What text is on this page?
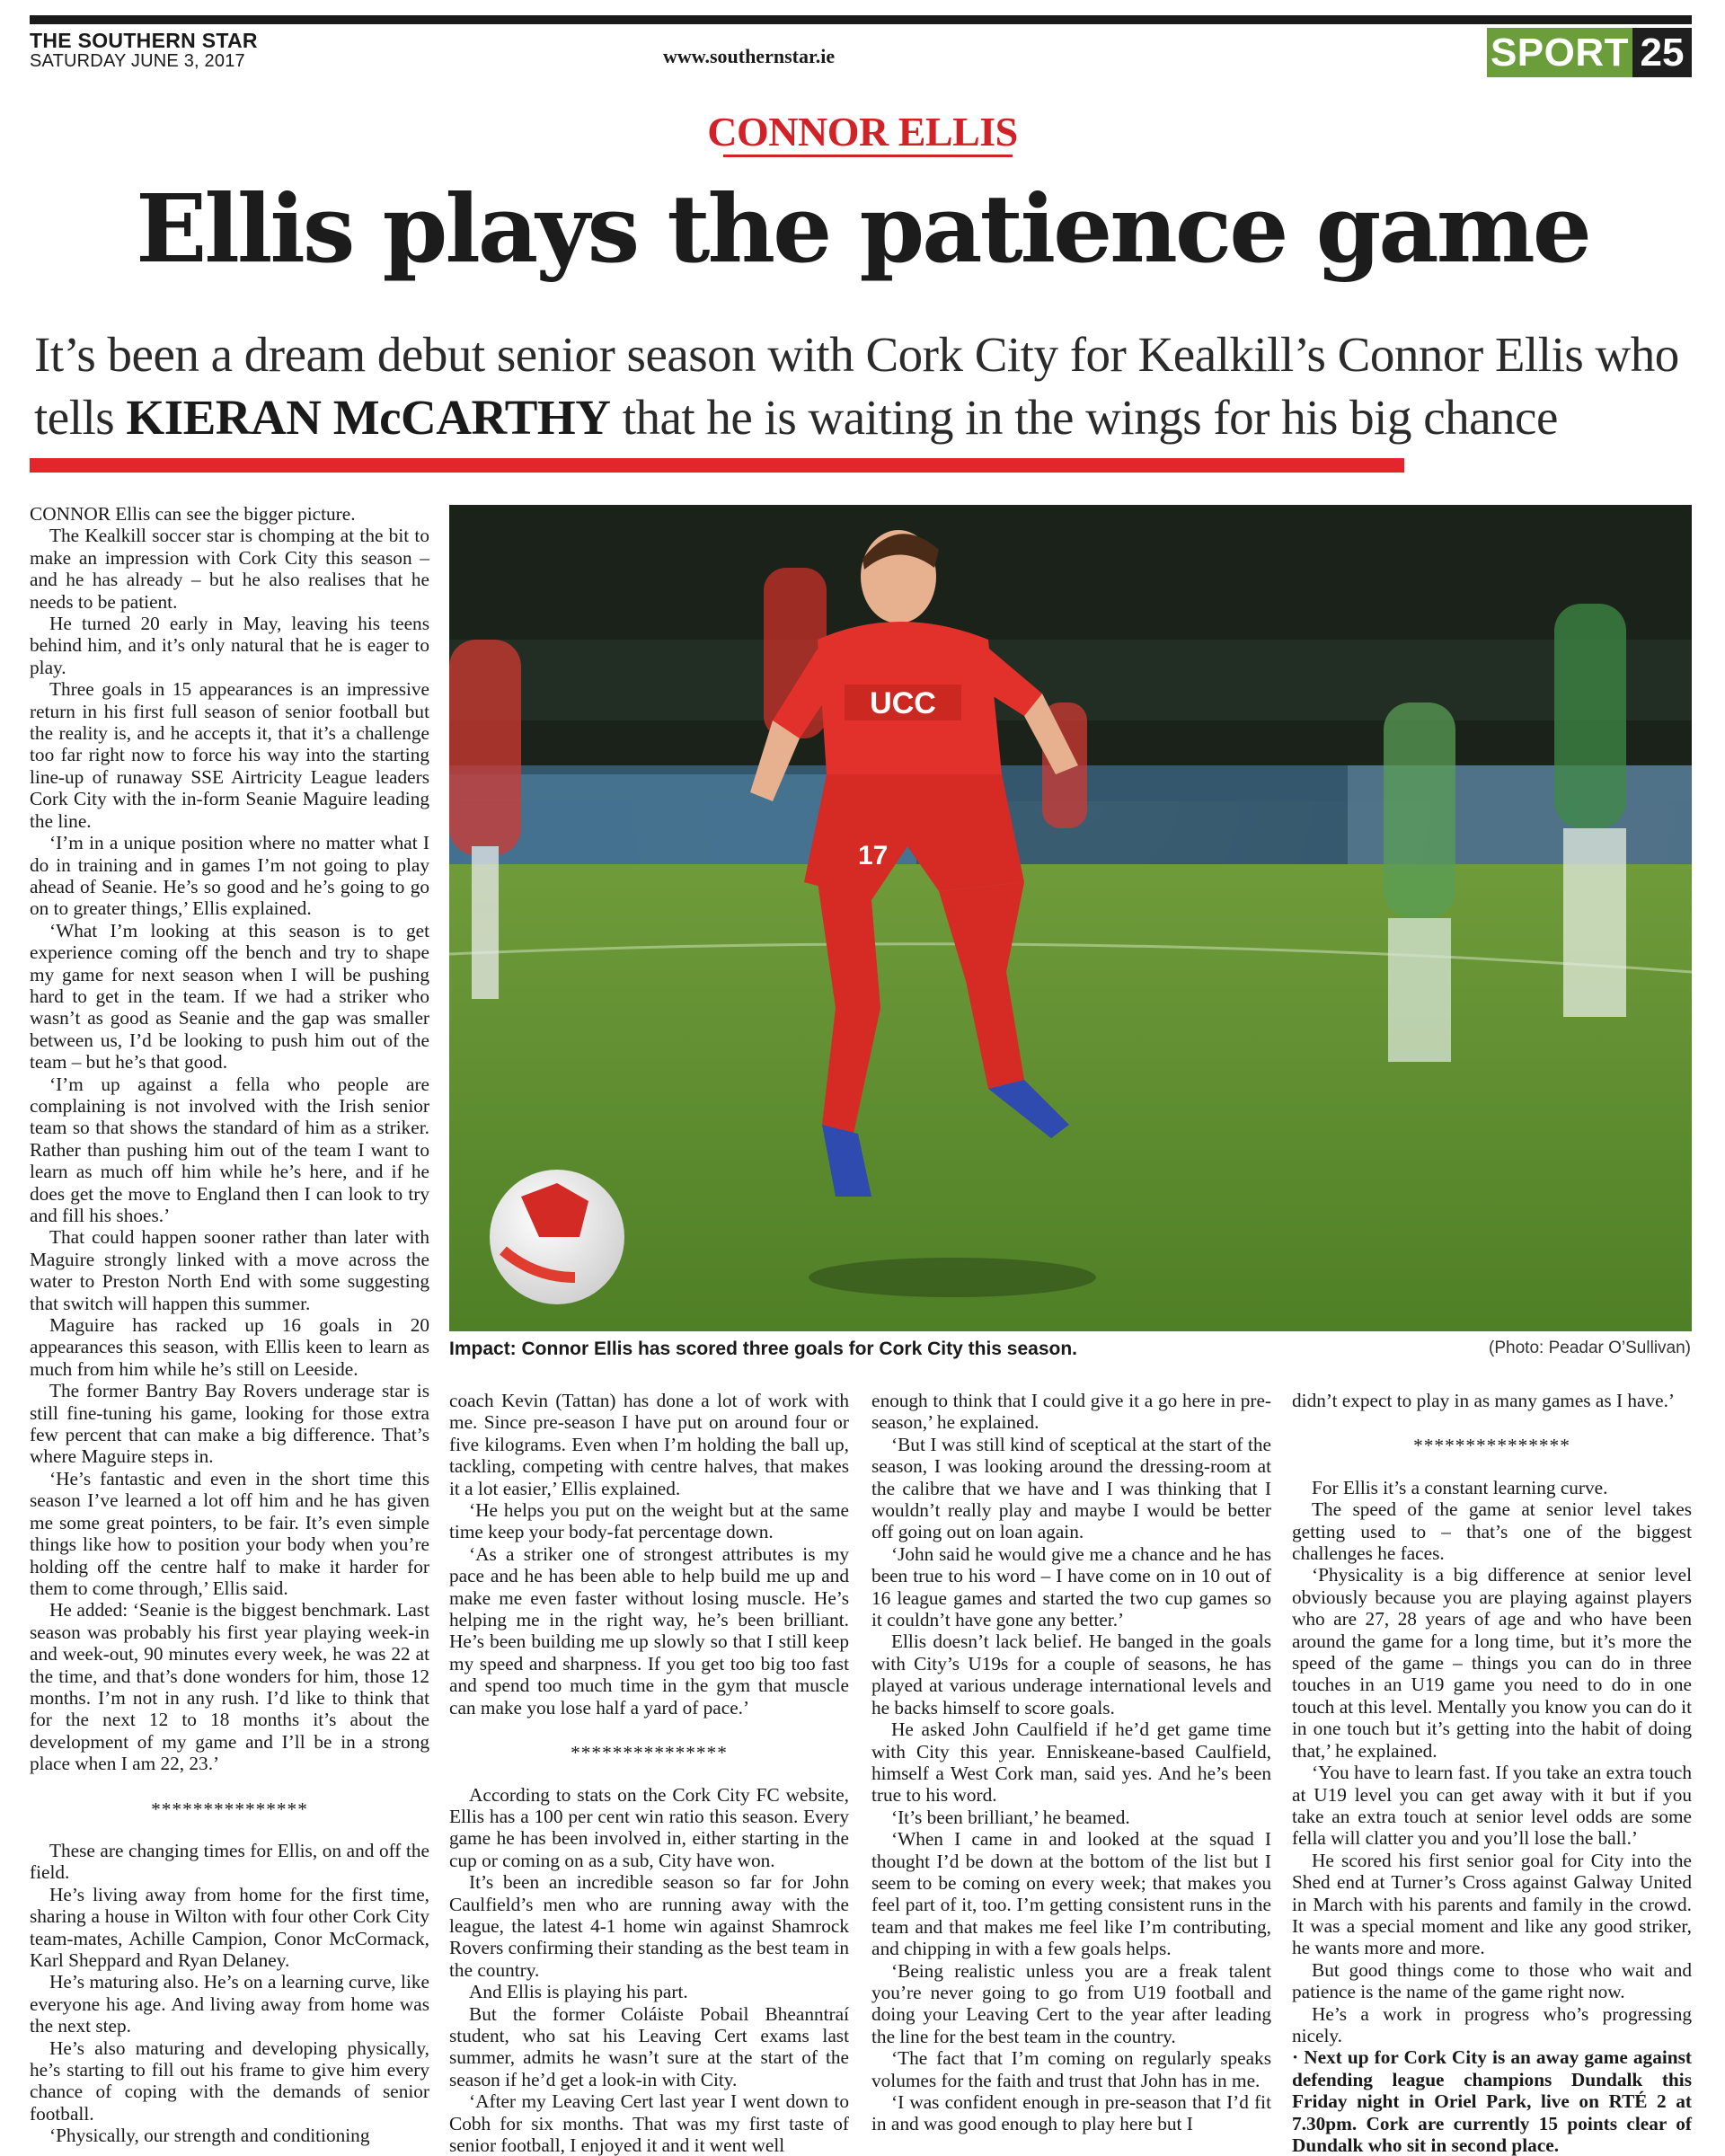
THE SOUTHERN STAR
SATURDAY JUNE 3, 2017	www.southernstar.ie	SPORT 25
CONNOR ELLIS
Ellis plays the patience game
It’s been a dream debut senior season with Cork City for Kealkill’s Connor Ellis who tells KIERAN McCARTHY that he is waiting in the wings for his big chance
UCC
17
Impact: Connor Ellis has scored three goals for Cork City this season.	(Photo: Peadar O’Sullivan)

CONNOR Ellis can see the bigger picture.

The Kealkill soccer star is chomping at the bit to make an impression with Cork City this season – and he has already – but he also realises that he needs to be patient.

He turned 20 early in May, leaving his teens behind him, and it’s only natural that he is eager to play.

Three goals in 15 appearances is an impressive return in his first full season of senior football but the reality is, and he accepts it, that it’s a challenge too far right now to force his way into the starting line-up of runaway SSE Airtricity League leaders Cork City with the in-form Seanie Maguire leading the line.

‘I’m in a unique position where no matter what I do in training and in games I’m not going to play ahead of Seanie. He’s so good and he’s going to go on to greater things,’ Ellis explained.

‘What I’m looking at this season is to get experience coming off the bench and try to shape my game for next season when I will be pushing hard to get in the team. If we had a striker who wasn’t as good as Seanie and the gap was smaller between us, I’d be looking to push him out of the team – but he’s that good.

‘I’m up against a fella who people are complaining is not involved with the Irish senior team so that shows the standard of him as a striker. Rather than pushing him out of the team I want to learn as much off him while he’s here, and if he does get the move to England then I can look to try and fill his shoes.’

That could happen sooner rather than later with Maguire strongly linked with a move across the water to Preston North End with some suggesting that switch will happen this summer.

Maguire has racked up 16 goals in 20 appearances this season, with Ellis keen to learn as much from him while he’s still on Leeside.

The former Bantry Bay Rovers underage star is still fine-tuning his game, looking for those extra few percent that can make a big difference. That’s where Maguire steps in.

‘He’s fantastic and even in the short time this season I’ve learned a lot off him and he has given me some great pointers, to be fair. It’s even simple things like how to position your body when you’re holding off the centre half to make it harder for them to come through,’ Ellis said.

He added: ‘Seanie is the biggest benchmark. Last season was probably his first year playing week-in and week-out, 90 minutes every week, he was 22 at the time, and that’s done wonders for him, those 12 months. I’m not in any rush. I’d like to think that for the next 12 to 18 months it’s about the development of my game and I’ll be in a strong place when I am 22, 23.’

***************

These are changing times for Ellis, on and off the field.

He’s living away from home for the first time, sharing a house in Wilton with four other Cork City team-mates, Achille Campion, Conor McCormack, Karl Sheppard and Ryan Delaney.

He’s maturing also. He’s on a learning curve, like everyone his age. And living away from home was the next step.

He’s also maturing and developing physically, he’s starting to fill out his frame to give him every chance of coping with the demands of senior football.

‘Physically, our strength and conditioning

coach Kevin (Tattan) has done a lot of work with me. Since pre-season I have put on around four or five kilograms. Even when I’m holding the ball up, tackling, competing with centre halves, that makes it a lot easier,’ Ellis explained.

‘He helps you put on the weight but at the same time keep your body-fat percentage down.

‘As a striker one of strongest attributes is my pace and he has been able to help build me up and make me even faster without losing muscle. He’s helping me in the right way, he’s been brilliant. He’s been building me up slowly so that I still keep my speed and sharpness. If you get too big too fast and spend too much time in the gym that muscle can make you lose half a yard of pace.’

***************

According to stats on the Cork City FC website, Ellis has a 100 per cent win ratio this season. Every game he has been involved in, either starting in the cup or coming on as a sub, City have won.

It’s been an incredible season so far for John Caulfield’s men who are running away with the league, the latest 4-1 home win against Shamrock Rovers confirming their standing as the best team in the country.

And Ellis is playing his part.

But the former Coláiste Pobail Bheanntraí student, who sat his Leaving Cert exams last summer, admits he wasn’t sure at the start of the season if he’d get a look-in with City.

‘After my Leaving Cert last year I went down to Cobh for six months. That was my first taste of senior football, I enjoyed it and it went well

enough to think that I could give it a go here in pre-season,’ he explained.

‘But I was still kind of sceptical at the start of the season, I was looking around the dressing-room at the calibre that we have and I was thinking that I wouldn’t really play and maybe I would be better off going out on loan again.

‘John said he would give me a chance and he has been true to his word – I have come on in 10 out of 16 league games and started the two cup games so it couldn’t have gone any better.’

Ellis doesn’t lack belief. He banged in the goals with City’s U19s for a couple of seasons, he has played at various underage international levels and he backs himself to score goals.

He asked John Caulfield if he’d get game time with City this year. Enniskeane-based Caulfield, himself a West Cork man, said yes. And he’s been true to his word.

‘It’s been brilliant,’ he beamed.

‘When I came in and looked at the squad I thought I’d be down at the bottom of the list but I seem to be coming on every week; that makes you feel part of it, too. I’m getting consistent runs in the team and that makes me feel like I’m contributing, and chipping in with a few goals helps.

‘Being realistic unless you are a freak talent you’re never going to go from U19 football and doing your Leaving Cert to the year after leading the line for the best team in the country.

‘The fact that I’m coming on regularly speaks volumes for the faith and trust that John has in me.

‘I was confident enough in pre-season that I’d fit in and was good enough to play here but I

didn’t expect to play in as many games as I have.’

***************

For Ellis it’s a constant learning curve.

The speed of the game at senior level takes getting used to – that’s one of the biggest challenges he faces.

‘Physicality is a big difference at senior level obviously because you are playing against players who are 27, 28 years of age and who have been around the game for a long time, but it’s more the speed of the game – things you can do in three touches in an U19 game you need to do in one touch at this level. Mentally you know you can do it in one touch but it’s getting into the habit of doing that,’ he explained.

‘You have to learn fast. If you take an extra touch at U19 level you can get away with it but if you take an extra touch at senior level odds are some fella will clatter you and you’ll lose the ball.’

He scored his first senior goal for City into the Shed end at Turner’s Cross against Galway United in March with his parents and family in the crowd. It was a special moment and like any good striker, he wants more and more.

But good things come to those who wait and patience is the name of the game right now.

He’s a work in progress who’s progressing nicely.

· Next up for Cork City is an away game against defending league champions Dundalk this Friday night in Oriel Park, live on RTÉ 2 at 7.30pm. Cork are currently 15 points clear of Dundalk who sit in second place.
